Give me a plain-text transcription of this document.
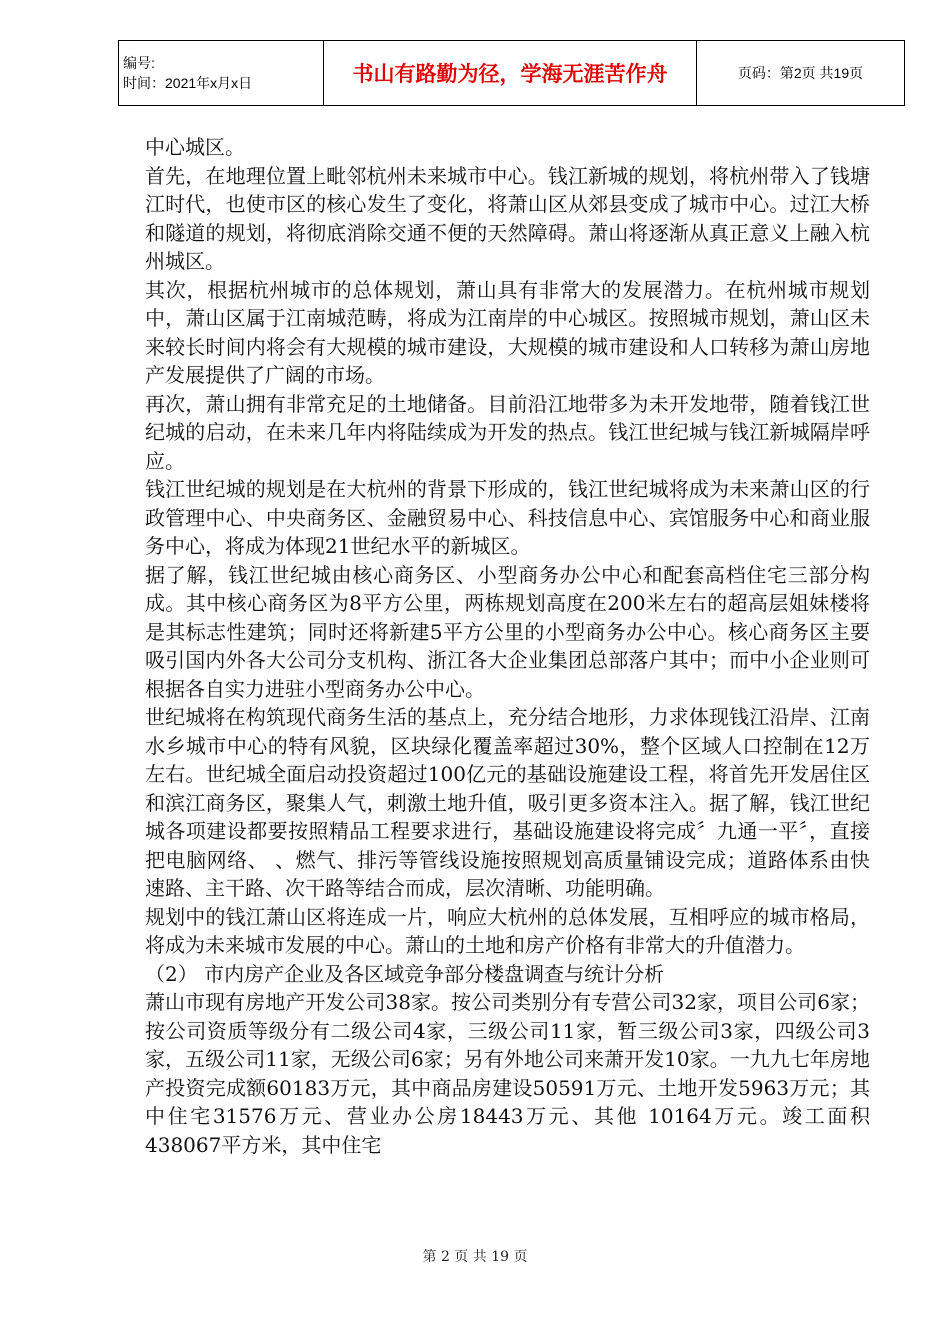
编号:
时间：2021年x月x日	书山有路勤为径，学海无涯苦作舟	页码：第2页 共19页

中心城区。

首先，在地理位置上毗邻杭州未来城市中心。钱江新城的规划，将杭州带入了钱塘江时代，也使市区的核心发生了变化，将萧山区从郊县变成了城市中心。过江大桥和隧道的规划，将彻底消除交通不便的天然障碍。萧山将逐渐从真正意义上融入杭州城区。

其次，根据杭州城市的总体规划，萧山具有非常大的发展潜力。在杭州城市规划中，萧山区属于江南城范畴，将成为江南岸的中心城区。按照城市规划，萧山区未来较长时间内将会有大规模的城市建设，大规模的城市建设和人口转移为萧山房地产发展提供了广阔的市场。

再次，萧山拥有非常充足的土地储备。目前沿江地带多为未开发地带，随着钱江世纪城的启动，在未来几年内将陆续成为开发的热点。钱江世纪城与钱江新城隔岸呼应。

钱江世纪城的规划是在大杭州的背景下形成的，钱江世纪城将成为未来萧山区的行政管理中心、中央商务区、金融贸易中心、科技信息中心、宾馆服务中心和商业服务中心，将成为体现21世纪水平的新城区。

据了解，钱江世纪城由核心商务区、小型商务办公中心和配套高档住宅三部分构成。其中核心商务区为8平方公里，两栋规划高度在200米左右的超高层姐妹楼将是其标志性建筑；同时还将新建5平方公里的小型商务办公中心。核心商务区主要吸引国内外各大公司分支机构、浙江各大企业集团总部落户其中；而中小企业则可根据各自实力进驻小型商务办公中心。

世纪城将在构筑现代商务生活的基点上，充分结合地形，力求体现钱江沿岸、江南水乡城市中心的特有风貌，区块绿化覆盖率超过30%，整个区域人口控制在12万左右。世纪城全面启动投资超过100亿元的基础设施建设工程，将首先开发居住区和滨江商务区，聚集人气，刺激土地升值，吸引更多资本注入。据了解，钱江世纪城各项建设都要按照精品工程要求进行，基础设施建设将完成〞九通一平〞，直接把电脑网络、 、燃气、排污等管线设施按照规划高质量铺设完成；道路体系由快速路、主干路、次干路等结合而成，层次清晰、功能明确。

规划中的钱江萧山区将连成一片，响应大杭州的总体发展，互相呼应的城市格局，将成为未来城市发展的中心。萧山的土地和房产价格有非常大的升值潜力。

（2） 市内房产企业及各区域竞争部分楼盘调查与统计分析

萧山市现有房地产开发公司38家。按公司类别分有专营公司32家，项目公司6家；按公司资质等级分有二级公司4家，三级公司11家，暂三级公司3家，四级公司3家，五级公司11家，无级公司6家；另有外地公司来萧开发10家。一九九七年房地产投资完成额60183万元，其中商品房建设50591万元、土地开发5963万元；其中住宅31576万元、营业办公房18443万元、其他 10164万元。竣工面积 438067平方米，其中住宅

第 2 页 共 19 页
